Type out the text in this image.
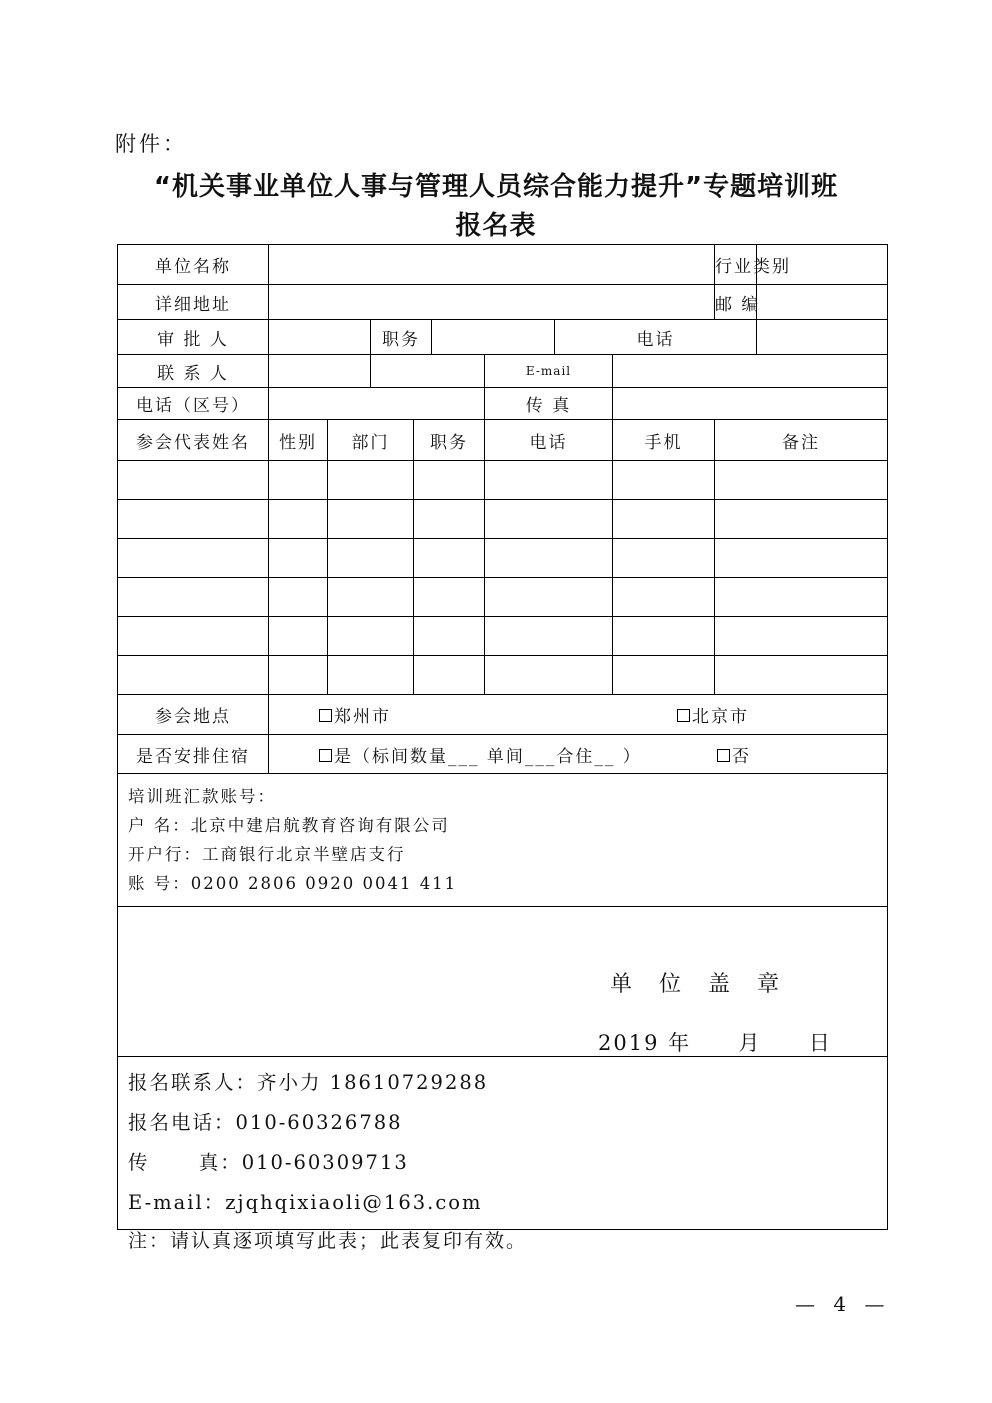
附件：
“机关事业单位人事与管理人员综合能力提升”专题培训班
报名表
单位名称									行业类别	
详细地址									邮 编	
审 批 人			职务				电话			
联 系 人						E-mail				
电话（区号）						传 真				
参会代表姓名	性别	部门		职务		电话		手机	备注	

参会地点	郑州市 北京市									
是否安排住宿	是（标间数量___ 单间___合住__ ） 否									

培训班汇款账号：
户 名：北京中建启航教育咨询有限公司
开户行：工商银行北京半壁店支行
账 号：0200 2806 0920 0041 411										

单 位 盖 章
2019 年 月 日										

报名联系人：齐小力 18610729288
报名电话：010-60326788
传      真：010-60309713
E-mail：zjqhqixiaoli@163.com										
注：请认真逐项填写此表；此表复印有效。
— 4 —
